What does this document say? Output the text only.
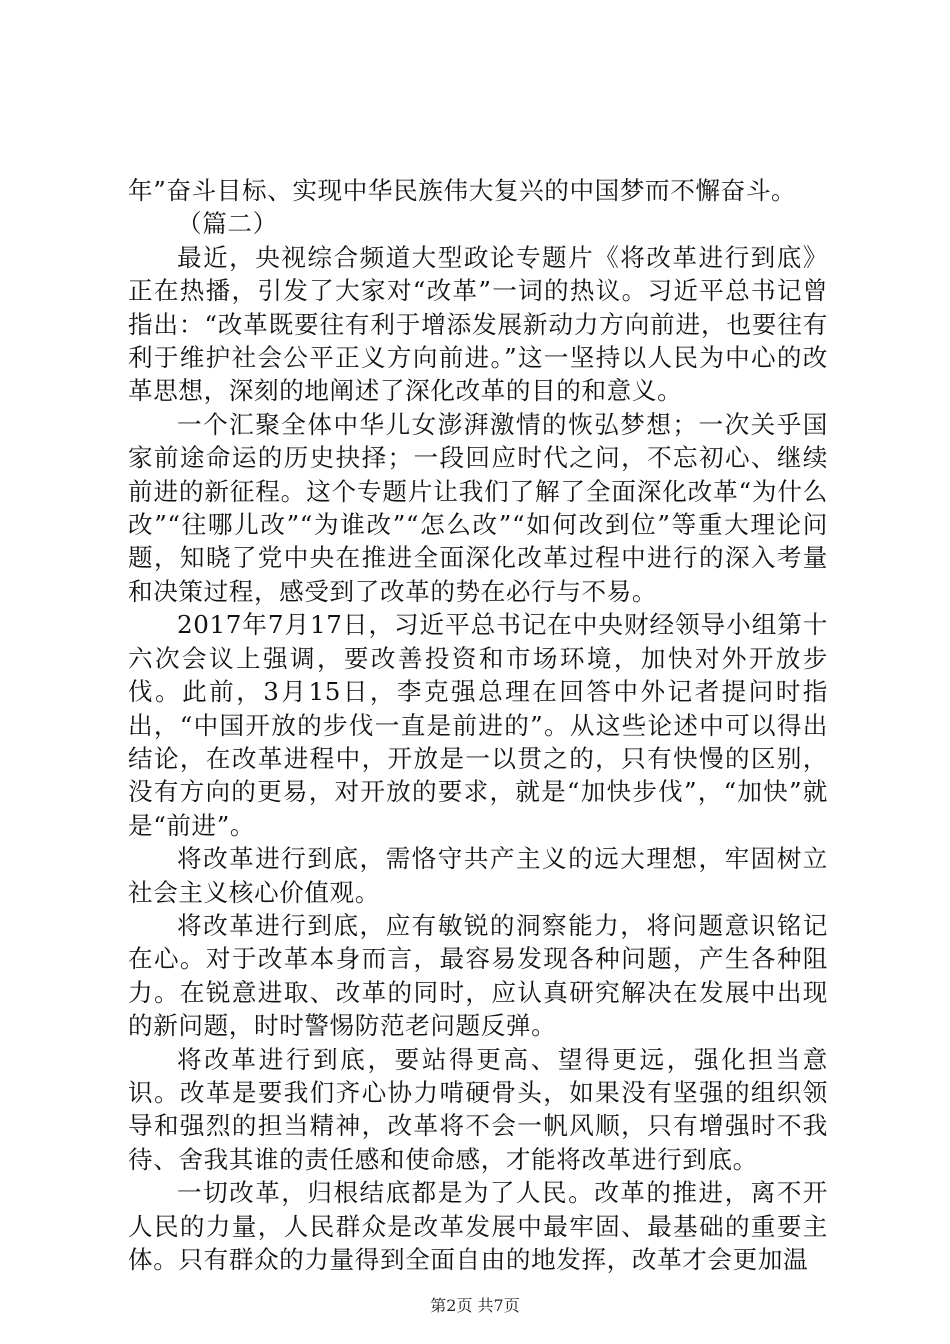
年”奋斗目标、实现中华民族伟大复兴的中国梦而不懈奋斗。

（篇二）

最近，央视综合频道大型政论专题片《将改革进行到底》正在热播，引发了大家对“改革”一词的热议。习近平总书记曾指出：“改革既要往有利于增添发展新动力方向前进，也要往有利于维护社会公平正义方向前进。”这一坚持以人民为中心的改革思想，深刻的地阐述了深化改革的目的和意义。

一个汇聚全体中华儿女澎湃激情的恢弘梦想；一次关乎国家前途命运的历史抉择；一段回应时代之问，不忘初心、继续前进的新征程。这个专题片让我们了解了全面深化改革“为什么改”“往哪儿改”“为谁改”“怎么改”“如何改到位”等重大理论问题，知晓了党中央在推进全面深化改革过程中进行的深入考量和决策过程，感受到了改革的势在必行与不易。

2017年7月17日，习近平总书记在中央财经领导小组第十六次会议上强调，要改善投资和市场环境，加快对外开放步伐。此前，3月15日，李克强总理在回答中外记者提问时指出，“中国开放的步伐一直是前进的”。从这些论述中可以得出结论，在改革进程中，开放是一以贯之的，只有快慢的区别，没有方向的更易，对开放的要求，就是“加快步伐”，“加快”就是“前进”。

将改革进行到底，需恪守共产主义的远大理想，牢固树立社会主义核心价值观。

将改革进行到底，应有敏锐的洞察能力，将问题意识铭记在心。对于改革本身而言，最容易发现各种问题，产生各种阻力。在锐意进取、改革的同时，应认真研究解决在发展中出现的新问题，时时警惕防范老问题反弹。

将改革进行到底，要站得更高、望得更远，强化担当意识。改革是要我们齐心协力啃硬骨头，如果没有坚强的组织领导和强烈的担当精神，改革将不会一帆风顺，只有增强时不我待、舍我其谁的责任感和使命感，才能将改革进行到底。

一切改革，归根结底都是为了人民。改革的推进，离不开人民的力量，人民群众是改革发展中最牢固、最基础的重要主体。只有群众的力量得到全面自由的地发挥，改革才会更加温

第2页 共7页
